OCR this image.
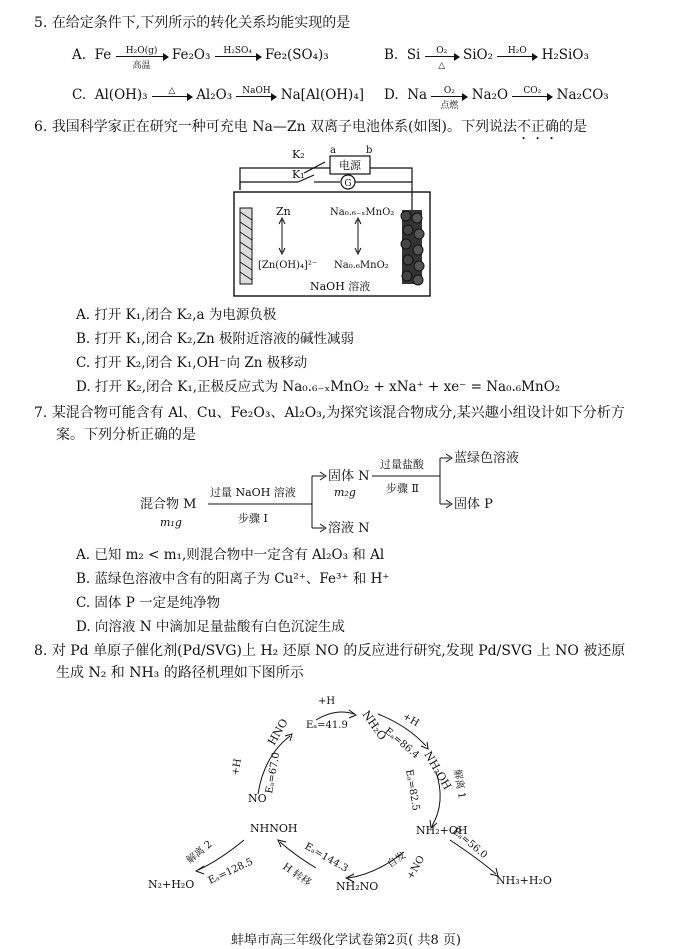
5. 在给定条件下,下列所示的转化关系均能实现的是
A. Fe	H₂O(g)
高温
Fe₂O₃	H₂SO₄ Fe₂(SO₄)₃	B. Si	O₂
△
SiO₂	H₂O	H₂SiO₃
C. Al(OH)₃	△	Al₂O₃	NaOH Na[Al(OH)₄] D. Na	O₂
点燃
Na₂O	CO₂	Na₂CO₃
6. 我国科学家正在研究一种可充电 Na—Zn 双离子电池体系(如图)。下列说法不正确的是
电源
G
K₂
K₁
a	b
Zn
[Zn(OH)₄]²⁻
Na₀.₆₋ₓMnO₂
Na₀.₆MnO₂
NaOH 溶液
A. 打开 K₁,闭合 K₂,a 为电源负极
B. 打开 K₁,闭合 K₂,Zn 极附近溶液的碱性减弱
C. 打开 K₂,闭合 K₁,OH⁻向 Zn 极移动
D. 打开 K₂,闭合 K₁,正极反应式为 Na₀.₆₋ₓMnO₂ + xNa⁺ + xe⁻ = Na₀.₆MnO₂
7. 某混合物可能含有 Al、Cu、Fe₂O₃、Al₂O₃,为探究该混合物成分,某兴趣小组设计如下分析方
案。下列分析正确的是
混合物 M
m₁g
过量 NaOH 溶液
步骤 Ⅰ
固体 N
m₂g
溶液 N
过量盐酸
步骤 Ⅱ
蓝绿色溶液
固体 P
A. 已知 m₂ < m₁,则混合物中一定含有 Al₂O₃ 和 Al
B. 蓝绿色溶液中含有的阳离子为 Cu²⁺、Fe³⁺ 和 H⁺
C. 固体 P 一定是纯净物
D. 向溶液 N 中滴加足量盐酸有白色沉淀生成
8. 对 Pd 单原子催化剂(Pd/SVG)上 H₂ 还原 NO 的反应进行研究,发现 Pd/SVG 上 NO 被还原
生成 N₂ 和 NH₃ 的路径机理如下图所示
HNO	NH₂O
NH₂OH
NH₂+OH
NH₂NO
NHNOH
NO
N₂+H₂O	NH₃+H₂O
+H
+H
+H
+NO
Eₐ=67.0
Eₐ=41.9
Eₐ=86.4
Eₐ=82.5
Eₐ=56.0
Eₐ=144.3
Eₐ=128.5
解离 1
解离 2	自发
H 转移
蚌埠市高三年级化学试卷第2页( 共8 页)
